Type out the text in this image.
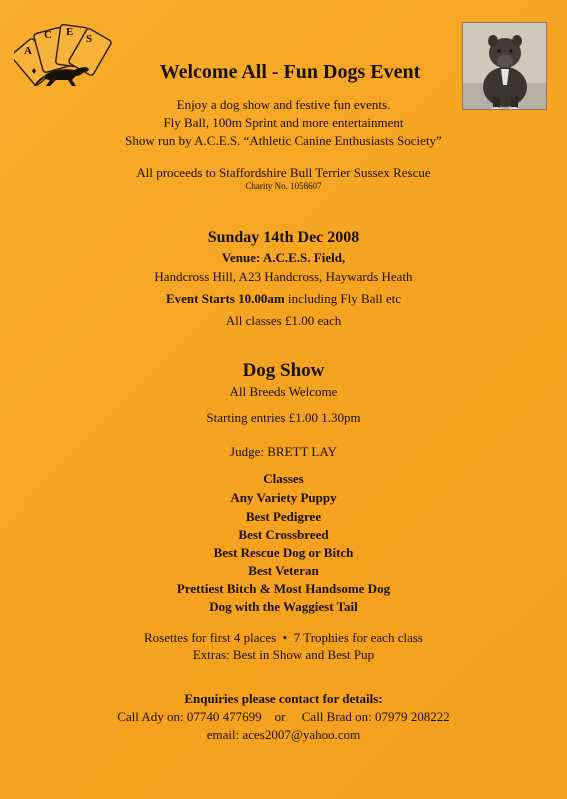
A
C E
S
Welcome All - Fun Dogs Event
Enjoy a dog show and festive fun events.
Fly Ball, 100m Sprint and more entertainment
Show run by A.C.E.S. “Athletic Canine Enthusiasts Society”
All proceeds to Staffordshire Bull Terrier Sussex Rescue
Charity No. 1058607
Sunday 14th Dec 2008
Venue: A.C.E.S. Field,
Handcross Hill, A23 Handcross, Haywards Heath
Event Starts 10.00am including Fly Ball etc
All classes £1.00 each
Dog Show
All Breeds Welcome
Starting entries £1.00 1.30pm
Judge: BRETT LAY
Classes
Any Variety Puppy
Best Pedigree
Best Crossbreed
Best Rescue Dog or Bitch
Best Veteran
Prettiest Bitch & Most Handsome Dog
Dog with the Waggiest Tail
Rosettes for first 4 places • 7 Trophies for each class
Extras: Best in Show and Best Pup
Enquiries please contact for details:
Call Ady on: 07740 477699 or Call Brad on: 07979 208222
email: aces2007@yahoo.com
